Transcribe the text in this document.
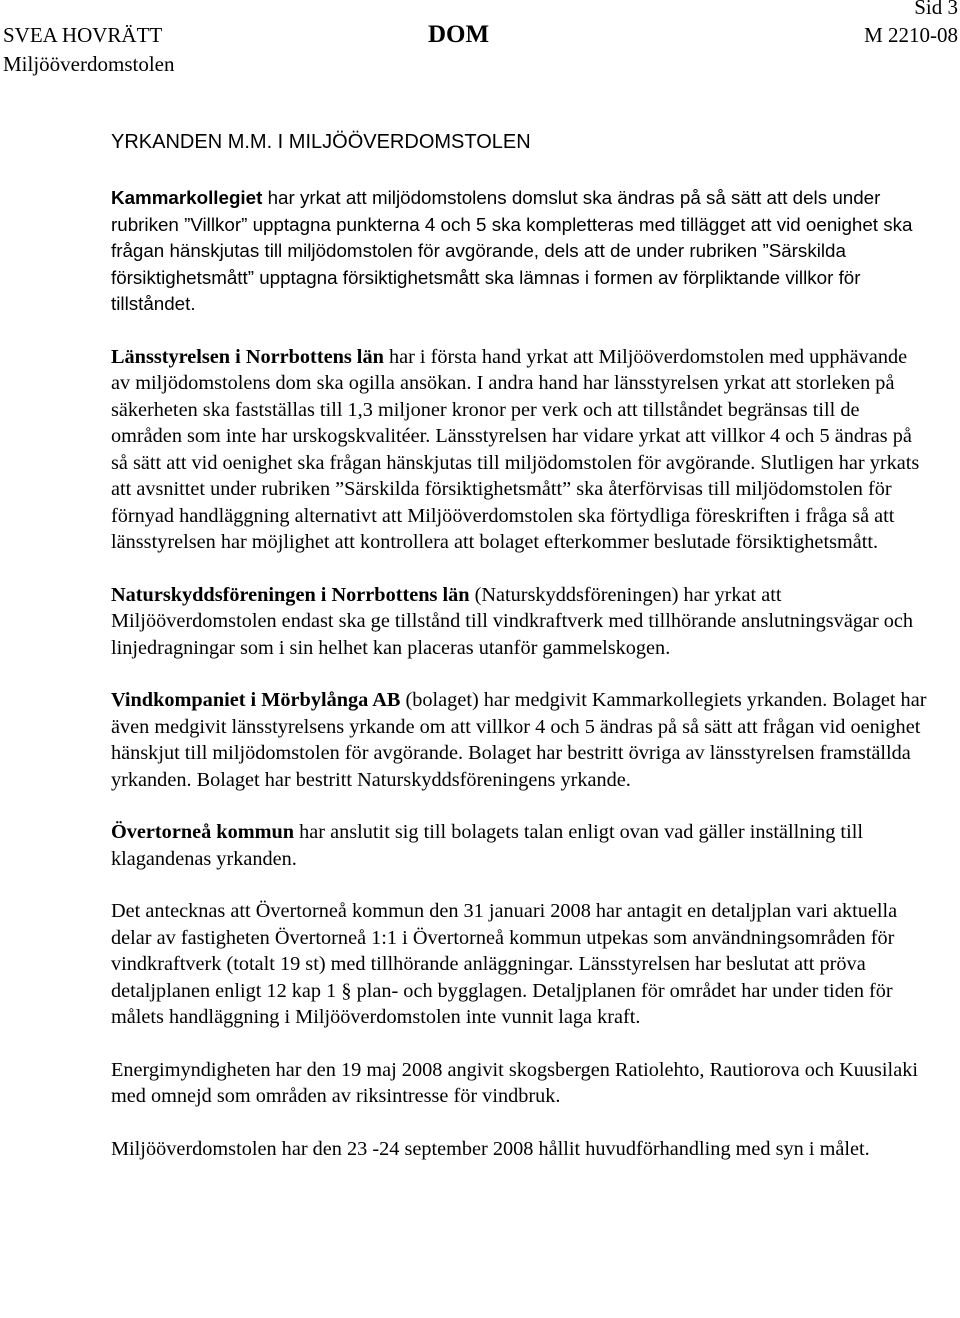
SVEA HOVRÄTT
Miljööverdomstolen
DOM
Sid 3
M 2210-08
YRKANDEN M.M. I MILJÖÖVERDOMSTOLEN

Kammarkollegiet har yrkat att miljödomstolens domslut ska ändras på så sätt att dels under rubriken ”Villkor” upptagna punkterna 4 och 5 ska kompletteras med tillägget att vid oenighet ska frågan hänskjutas till miljödomstolen för avgörande, dels att de under rubriken ”Särskilda försiktighetsmått” upptagna försiktighetsmått ska lämnas i formen av förpliktande villkor för tillståndet.

Länsstyrelsen i Norrbottens län har i första hand yrkat att Miljööverdomstolen med upphävande av miljödomstolens dom ska ogilla ansökan. I andra hand har länsstyrelsen yrkat att storleken på säkerheten ska fastställas till 1,3 miljoner kronor per verk och att tillståndet begränsas till de områden som inte har urskogskvalitéer. Länsstyrelsen har vidare yrkat att villkor 4 och 5 ändras på så sätt att vid oenighet ska frågan hänskjutas till miljödomstolen för avgörande. Slutligen har yrkats att avsnittet under rubriken ”Särskilda försiktighetsmått” ska återförvisas till miljödomstolen för förnyad handläggning alternativt att Miljööverdomstolen ska förtydliga föreskriften i fråga så att länsstyrelsen har möjlighet att kontrollera att bolaget efterkommer beslutade försiktighetsmått.

Naturskyddsföreningen i Norrbottens län (Naturskyddsföreningen) har yrkat att Miljööverdomstolen endast ska ge tillstånd till vindkraftverk med tillhörande anslutningsvägar och linjedragningar som i sin helhet kan placeras utanför gammelskogen.

Vindkompaniet i Mörbylånga AB (bolaget) har medgivit Kammarkollegiets yrkanden. Bolaget har även medgivit länsstyrelsens yrkande om att villkor 4 och 5 ändras på så sätt att frågan vid oenighet hänskjut till miljödomstolen för avgörande. Bolaget har bestritt övriga av länsstyrelsen framställda yrkanden. Bolaget har bestritt Naturskyddsföreningens yrkande.

Övertorneå kommun har anslutit sig till bolagets talan enligt ovan vad gäller inställning till klagandenas yrkanden.

Det antecknas att Övertorneå kommun den 31 januari 2008 har antagit en detaljplan vari aktuella delar av fastigheten Övertorneå 1:1 i Övertorneå kommun utpekas som användningsområden för vindkraftverk (totalt 19 st) med tillhörande anläggningar. Länsstyrelsen har beslutat att pröva detaljplanen enligt 12 kap 1 § plan- och bygglagen. Detaljplanen för området har under tiden för målets handläggning i Miljööverdomstolen inte vunnit laga kraft.

Energimyndigheten har den 19 maj 2008 angivit skogsbergen Ratiolehto, Rautiorova och Kuusilaki med omnejd som områden av riksintresse för vindbruk.

Miljööverdomstolen har den 23 -24 september 2008 hållit huvudförhandling med syn i målet.
